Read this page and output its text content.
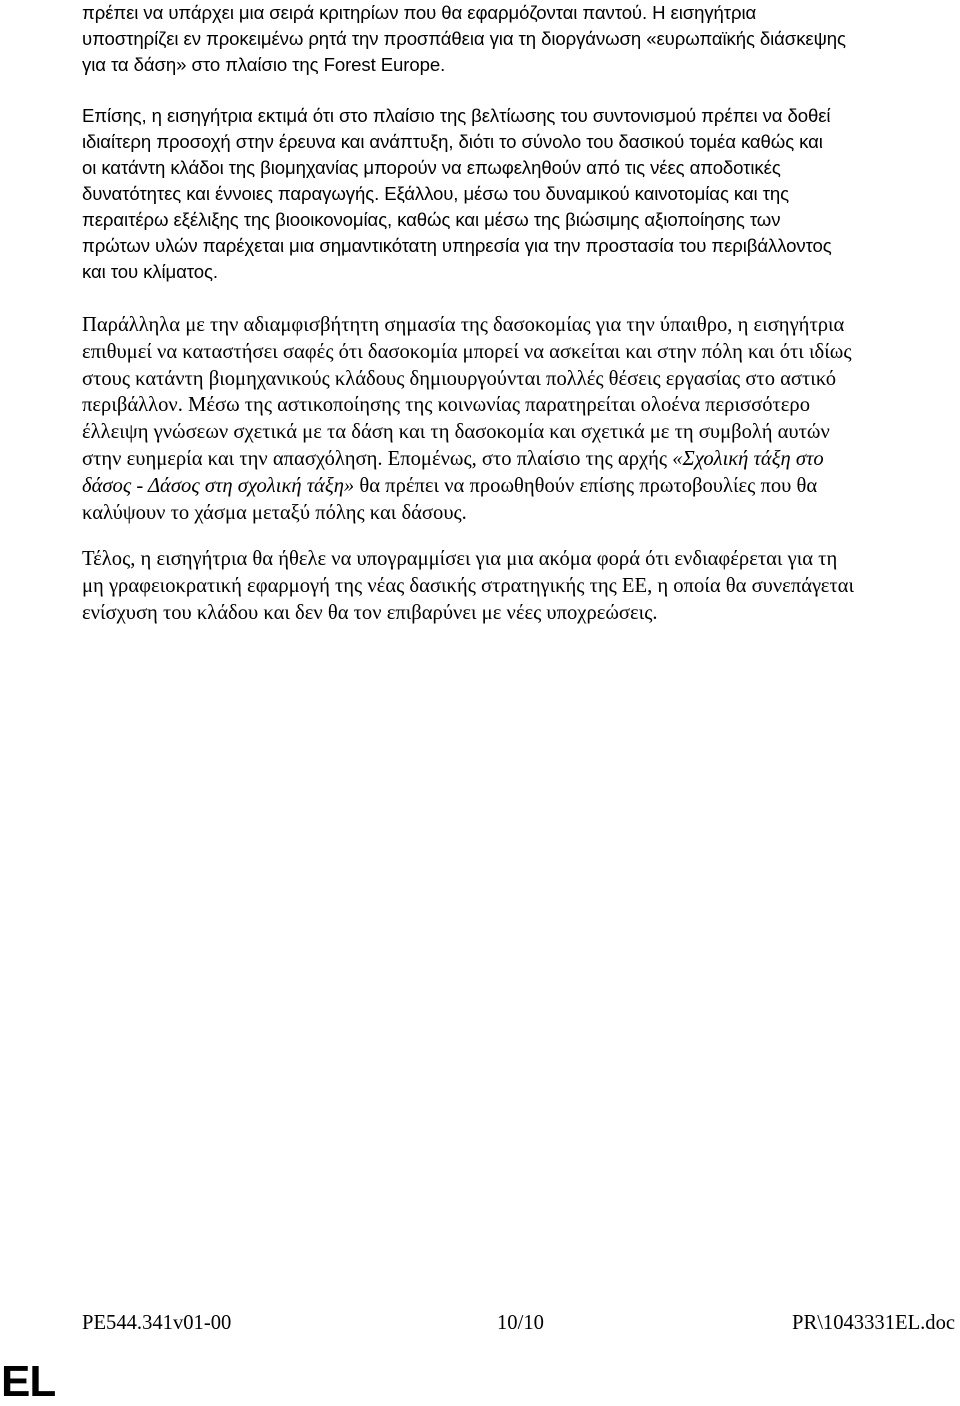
πρέπει να υπάρχει μια σειρά κριτηρίων που θα εφαρμόζονται παντού. Η εισηγήτρια
υποστηρίζει εν προκειμένω ρητά την προσπάθεια για τη διοργάνωση «ευρωπαϊκής διάσκεψης
για τα δάση» στο πλαίσιο της Forest Europe.
Επίσης, η εισηγήτρια εκτιμά ότι στο πλαίσιο της βελτίωσης του συντονισμού πρέπει να δοθεί
ιδιαίτερη προσοχή στην έρευνα και ανάπτυξη, διότι το σύνολο του δασικού τομέα καθώς και
οι κατάντη κλάδοι της βιομηχανίας μπορούν να επωφεληθούν από τις νέες αποδοτικές
δυνατότητες και έννοιες παραγωγής. Εξάλλου, μέσω του δυναμικού καινοτομίας και της
περαιτέρω εξέλιξης της βιοοικονομίας, καθώς και μέσω της βιώσιμης αξιοποίησης των
πρώτων υλών παρέχεται μια σημαντικότατη υπηρεσία για την προστασία του περιβάλλοντος
και του κλίματος.
Παράλληλα με την αδιαμφισβήτητη σημασία της δασοκομίας για την ύπαιθρο, η εισηγήτρια
επιθυμεί να καταστήσει σαφές ότι δασοκομία μπορεί να ασκείται και στην πόλη και ότι ιδίως
στους κατάντη βιομηχανικούς κλάδους δημιουργούνται πολλές θέσεις εργασίας στο αστικό
περιβάλλον. Μέσω της αστικοποίησης της κοινωνίας παρατηρείται ολοένα περισσότερο
έλλειψη γνώσεων σχετικά με τα δάση και τη δασοκομία και σχετικά με τη συμβολή αυτών
στην ευημερία και την απασχόληση. Επομένως, στο πλαίσιο της αρχής «Σχολική τάξη στο
δάσος - Δάσος στη σχολική τάξη» θα πρέπει να προωθηθούν επίσης πρωτοβουλίες που θα
καλύψουν το χάσμα μεταξύ πόλης και δάσους.
Τέλος, η εισηγήτρια θα ήθελε να υπογραμμίσει για μια ακόμα φορά ότι ενδιαφέρεται για τη
μη γραφειοκρατική εφαρμογή της νέας δασικής στρατηγικής της ΕΕ, η οποία θα συνεπάγεται
ενίσχυση του κλάδου και δεν θα τον επιβαρύνει με νέες υποχρεώσεις.
PE544.341v01-00	10/10	PR\1043331EL.doc
EL
